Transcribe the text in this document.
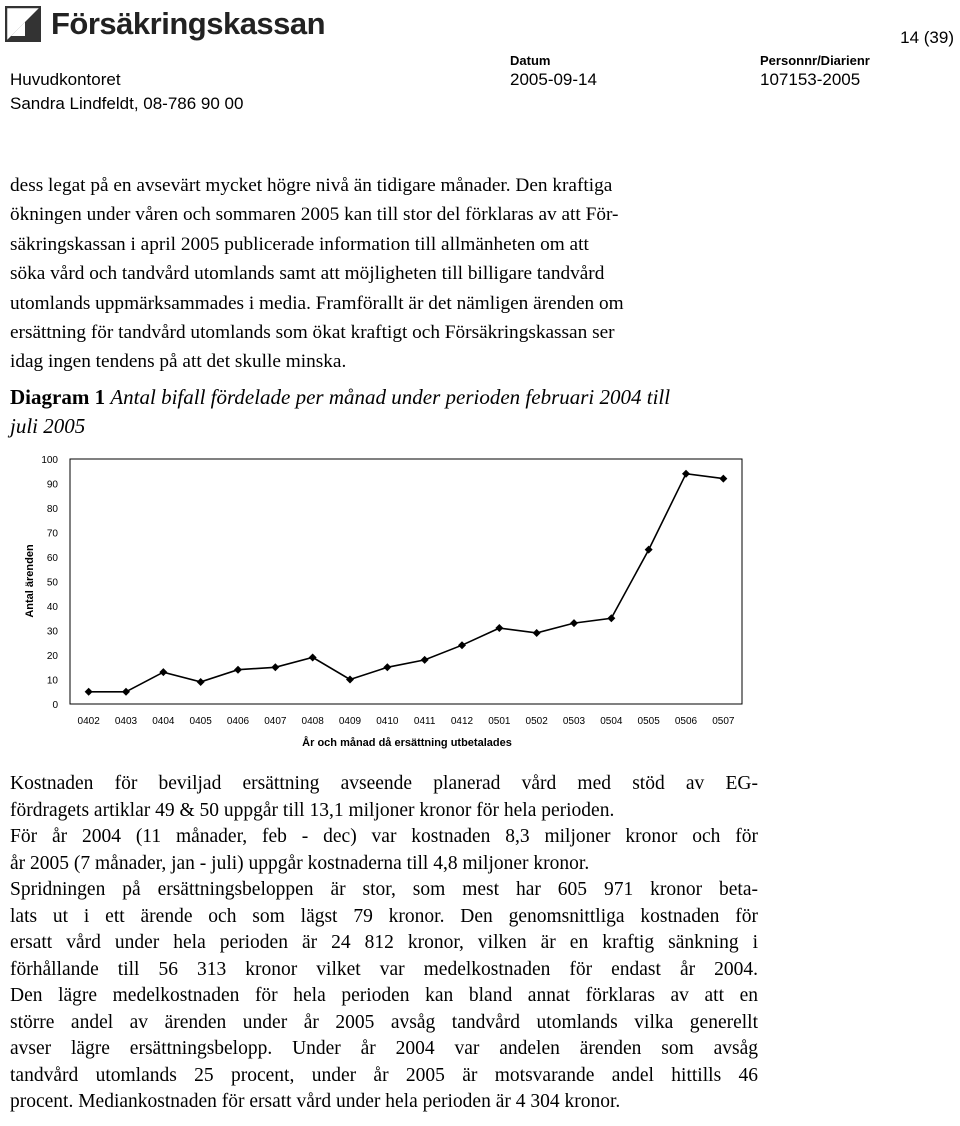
Försäkringskassan	14 (39)
Huvudkontoret
Sandra Lindfeldt, 08-786 90 00
Datum
2005-09-14
Personnr/Diarienr
107153-2005

dess legat på en avsevärt mycket högre nivå än tidigare månader. Den kraftiga

ökningen under våren och sommaren 2005 kan till stor del förklaras av att För-

säkringskassan i april 2005 publicerade information till allmänheten om att

söka vård och tandvård utomlands samt att möjligheten till billigare tandvård

utomlands uppmärksammades i media. Framförallt är det nämligen ärenden om

ersättning för tandvård utomlands som ökat kraftigt och Försäkringskassan ser

idag ingen tendens på att det skulle minska.

Diagram 1 Antal bifall fördelade per månad under perioden februari 2004 till
juli 2005
0
10
20
30
40
50
60
70
80
90
100
0402 0403 0404 0405 0406 0407 0408 0409 0410 0411 0412 0501 0502 0503 0504 0505 0506 0507
Antal ärenden
År och månad då ersättning utbetalades

Kostnaden för beviljad ersättning avseende planerad vård med stöd av EG-

fördragets artiklar 49 & 50 uppgår till 13,1 miljoner kronor för hela perioden.

För år 2004 (11 månader, feb - dec) var kostnaden 8,3 miljoner kronor och för

år 2005 (7 månader, jan - juli) uppgår kostnaderna till 4,8 miljoner kronor.

Spridningen på ersättningsbeloppen är stor, som mest har 605 971 kronor beta-

lats ut i ett ärende och som lägst 79 kronor. Den genomsnittliga kostnaden för

ersatt vård under hela perioden är 24 812 kronor, vilken är en kraftig sänkning i

förhållande till 56 313 kronor vilket var medelkostnaden för endast år 2004.

Den lägre medelkostnaden för hela perioden kan bland annat förklaras av att en

större andel av ärenden under år 2005 avsåg tandvård utomlands vilka generellt

avser lägre ersättningsbelopp. Under år 2004 var andelen ärenden som avsåg

tandvård utomlands 25 procent, under år 2005 är motsvarande andel hittills 46

procent. Mediankostnaden för ersatt vård under hela perioden är 4 304 kronor.
